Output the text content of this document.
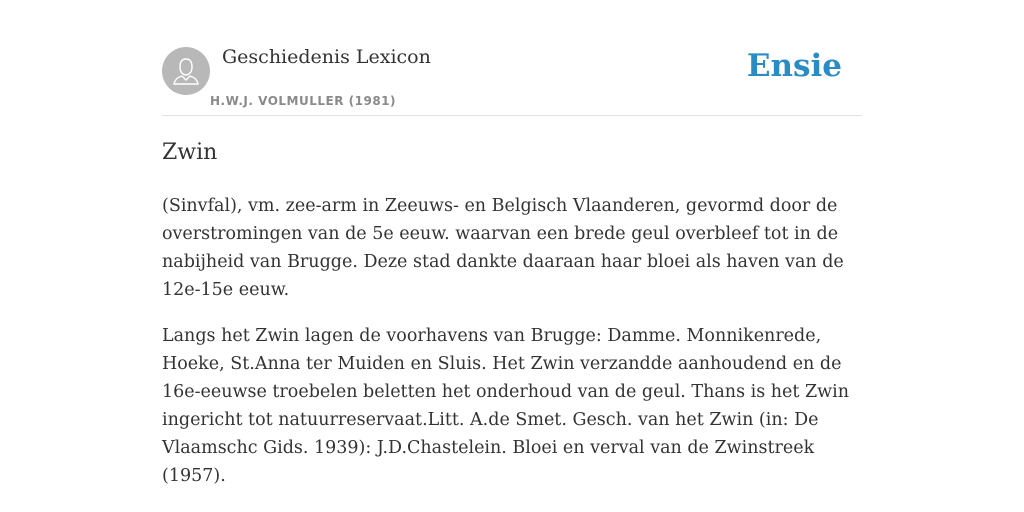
Geschiedenis Lexicon
H.W.J. VOLMULLER (1981)
Ensie
Zwin

(Sinvfal), vm. zee-arm in Zeeuws- en Belgisch Vlaanderen, gevormd door de overstromingen van de 5e eeuw. waarvan een brede geul overbleef tot in de nabijheid van Brugge. Deze stad dankte daaraan haar bloei als haven van de 12e-15e eeuw.

Langs het Zwin lagen de voorhavens van Brugge: Damme. Monnikenrede, Hoeke, St.Anna ter Muiden en Sluis. Het Zwin verzandde aanhoudend en de 16e-eeuwse troebelen beletten het onderhoud van de geul. Thans is het Zwin ingericht tot natuurreservaat.Litt. A.de Smet. Gesch. van het Zwin (in: De Vlaamschc Gids. 1939): J.D.Chastelein. Bloei en verval van de Zwinstreek (1957).
